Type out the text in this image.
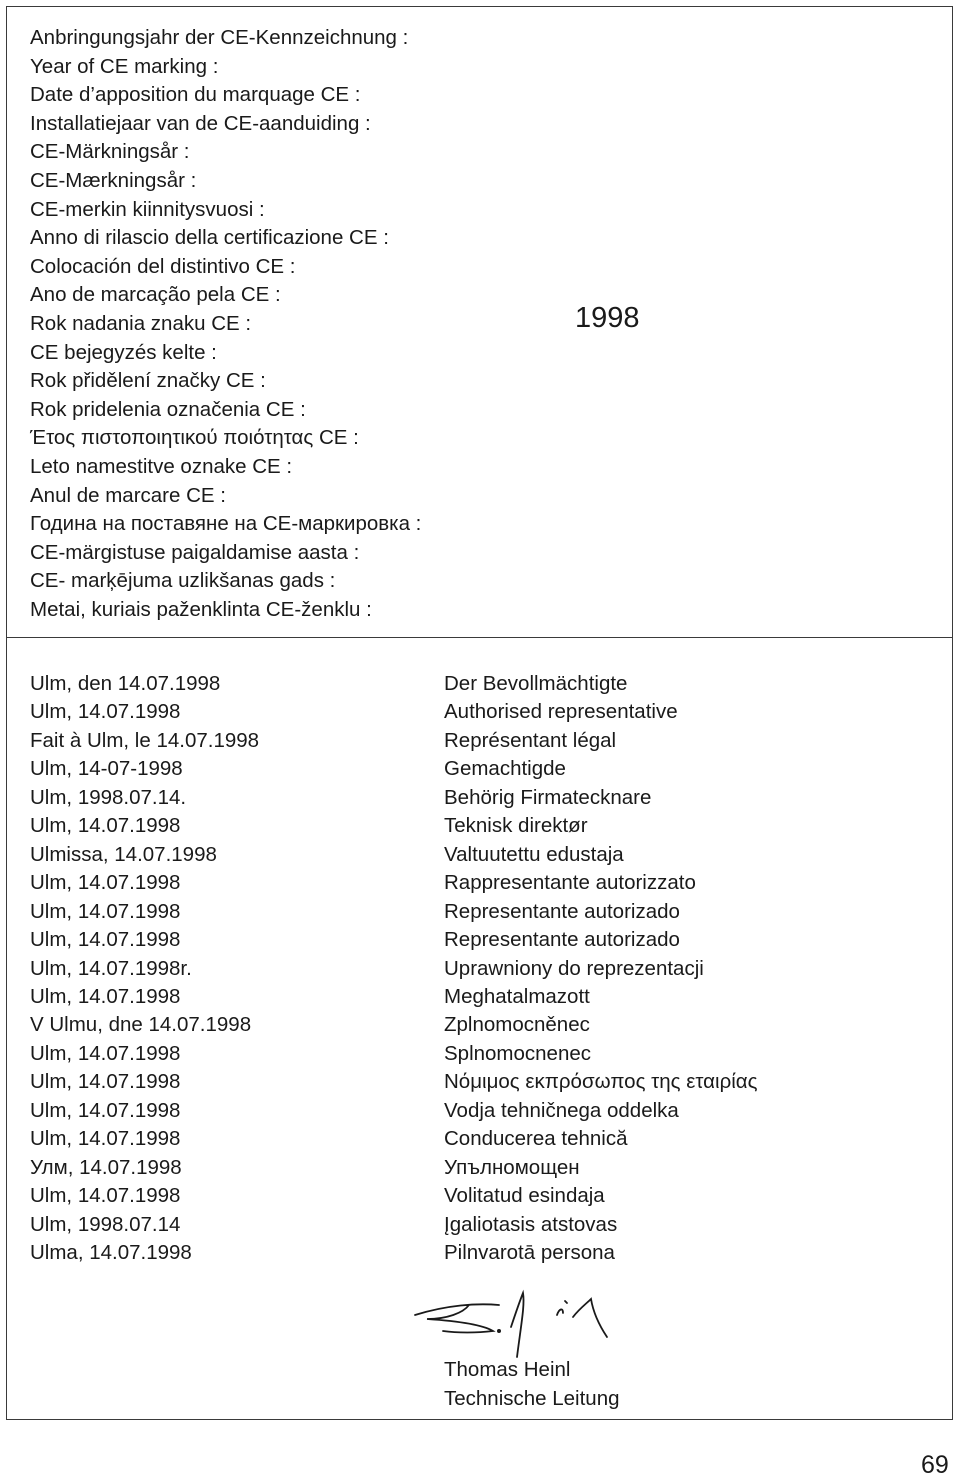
Anbringungsjahr der CE-Kennzeichnung :
Year of CE marking :
Date d’apposition du marquage CE :
Installatiejaar van de CE-aanduiding :
CE-Märkningsår :
CE-Mærkningsår :
CE-merkin kiinnitysvuosi :
Anno di rilascio della certificazione CE :
Colocación del distintivo CE :
Ano de marcação pela CE :
Rok nadania znaku CE :
CE bejegyzés kelte :
Rok přidělení značky CE :
Rok pridelenia označenia CE :
Έτος πιστοποιητικού ποιότητας CE :
Leto namestitve oznake CE :
Anul de marcare CE :
Година на поставяне на CE-маркировка :
CE-märgistuse paigaldamise aasta :
CE- marķējuma uzlikšanas gads :
Metai, kuriais paženklinta CE-ženklu :
1998
Ulm, den 14.07.1998
Ulm, 14.07.1998
Fait à Ulm, le 14.07.1998
Ulm, 14-07-1998
Ulm, 1998.07.14.
Ulm, 14.07.1998
Ulmissa, 14.07.1998
Ulm, 14.07.1998
Ulm, 14.07.1998
Ulm, 14.07.1998
Ulm, 14.07.1998r.
Ulm, 14.07.1998
V Ulmu, dne 14.07.1998
Ulm, 14.07.1998
Ulm, 14.07.1998
Ulm, 14.07.1998
Ulm, 14.07.1998
Улм, 14.07.1998
Ulm, 14.07.1998
Ulm, 1998.07.14
Ulma, 14.07.1998
Der Bevollmächtigte
Authorised representative
Représentant légal
Gemachtigde
Behörig Firmatecknare
Teknisk direktør
Valtuutettu edustaja
Rappresentante autorizzato
Representante autorizado
Representante autorizado
Uprawniony do reprezentacji
Meghatalmazott
Zplnomocněnec
Splnomocnenec
Νόμιμος εκπρόσωπος της εταιρίας
Vodja tehničnega oddelka
Conducerea tehnică
Упълномощен
Volitatud esindaja
Įgaliotasis atstovas
Pilnvarotā persona
Thomas Heinl
Technische Leitung
69
